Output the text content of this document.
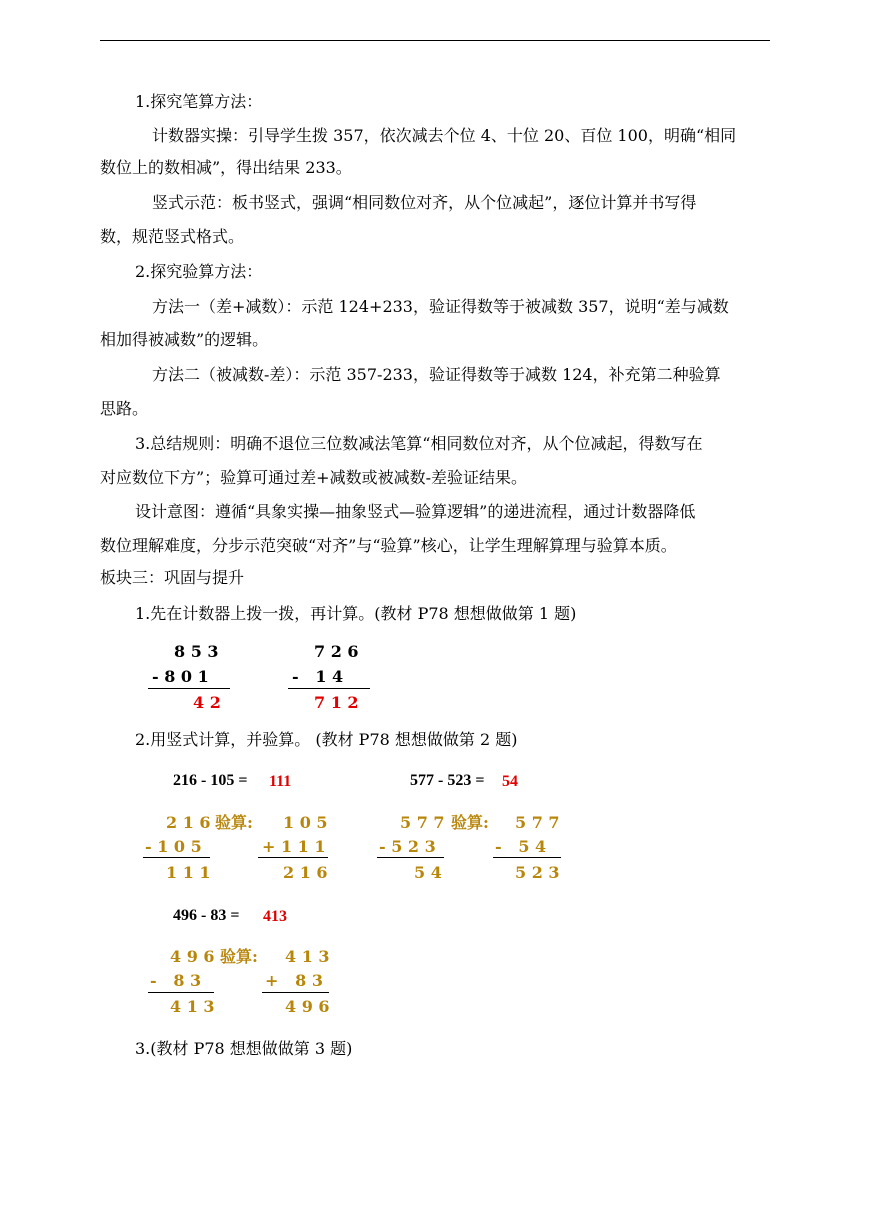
1.探究笔算方法：
计数器实操：引导学生拨 357，依次减去个位 4、十位 20、百位 100，明确“相同
数位上的数相减”，得出结果 233。
竖式示范：板书竖式，强调“相同数位对齐，从个位减起”，逐位计算并书写得
数，规范竖式格式。
2.探究验算方法：
方法一（差+减数）：示范 124+233，验证得数等于被减数 357，说明“差与减数
相加得被减数”的逻辑。
方法二（被减数-差）：示范 357-233，验证得数等于减数 124，补充第二种验算
思路。
3.总结规则：明确不退位三位数减法笔算“相同数位对齐，从个位减起，得数写在
对应数位下方”；验算可通过差+减数或被减数-差验证结果。
设计意图：遵循“具象实操—抽象竖式—验算逻辑”的递进流程，通过计数器降低
数位理解难度，分步示范突破“对齐”与“验算”核心，让学生理解算理与验算本质。
板块三：巩固与提升
1.先在计数器上拨一拨，再计算。(教材 P78 想想做做第 1 题)
8 5 3
- 8 0 1
4 2
7 2 6
-   1 4
7 1 2
2.用竖式计算，并验算。 (教材 P78 想想做做第 2 题)
216 - 105 = 111	577 - 523 = 54
2 1 6 验算: 1 0 5
- 1 0 5	+ 1 1 1
1 1 1	2 1 6
5 7 7 验算: 5 7 7
- 5 2 3	-   5 4
5 4	5 2 3
496 - 83 = 413
4 9 6 验算: 4 1 3
-   8 3	+   8 3
4 1 3	4 9 6
3.(教材 P78 想想做做第 3 题)
